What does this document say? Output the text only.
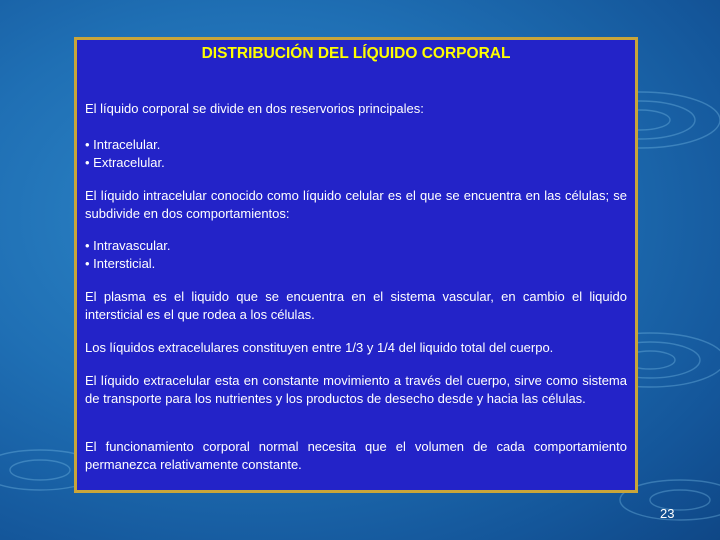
DISTRIBUCIÓN DEL LÍQUIDO CORPORAL

El líquido corporal se divide en dos reservorios principales:

• Intracelular.
• Extracelular.

El líquido intracelular conocido como líquido celular es el que se encuentra en las células; se subdivide en dos comportamientos:

• Intravascular.
• Intersticial.

El plasma es el liquido que se encuentra en el sistema vascular, en cambio el liquido intersticial es el que rodea a los células.

Los líquidos extracelulares constituyen entre 1/3 y 1/4 del liquido total del cuerpo.

El líquido extracelular esta en constante movimiento a través del cuerpo, sirve como sistema de transporte para los nutrientes y los productos de desecho desde y hacia las células.

El funcionamiento corporal normal necesita que el volumen de cada comportamiento permanezca relativamente constante.

23
